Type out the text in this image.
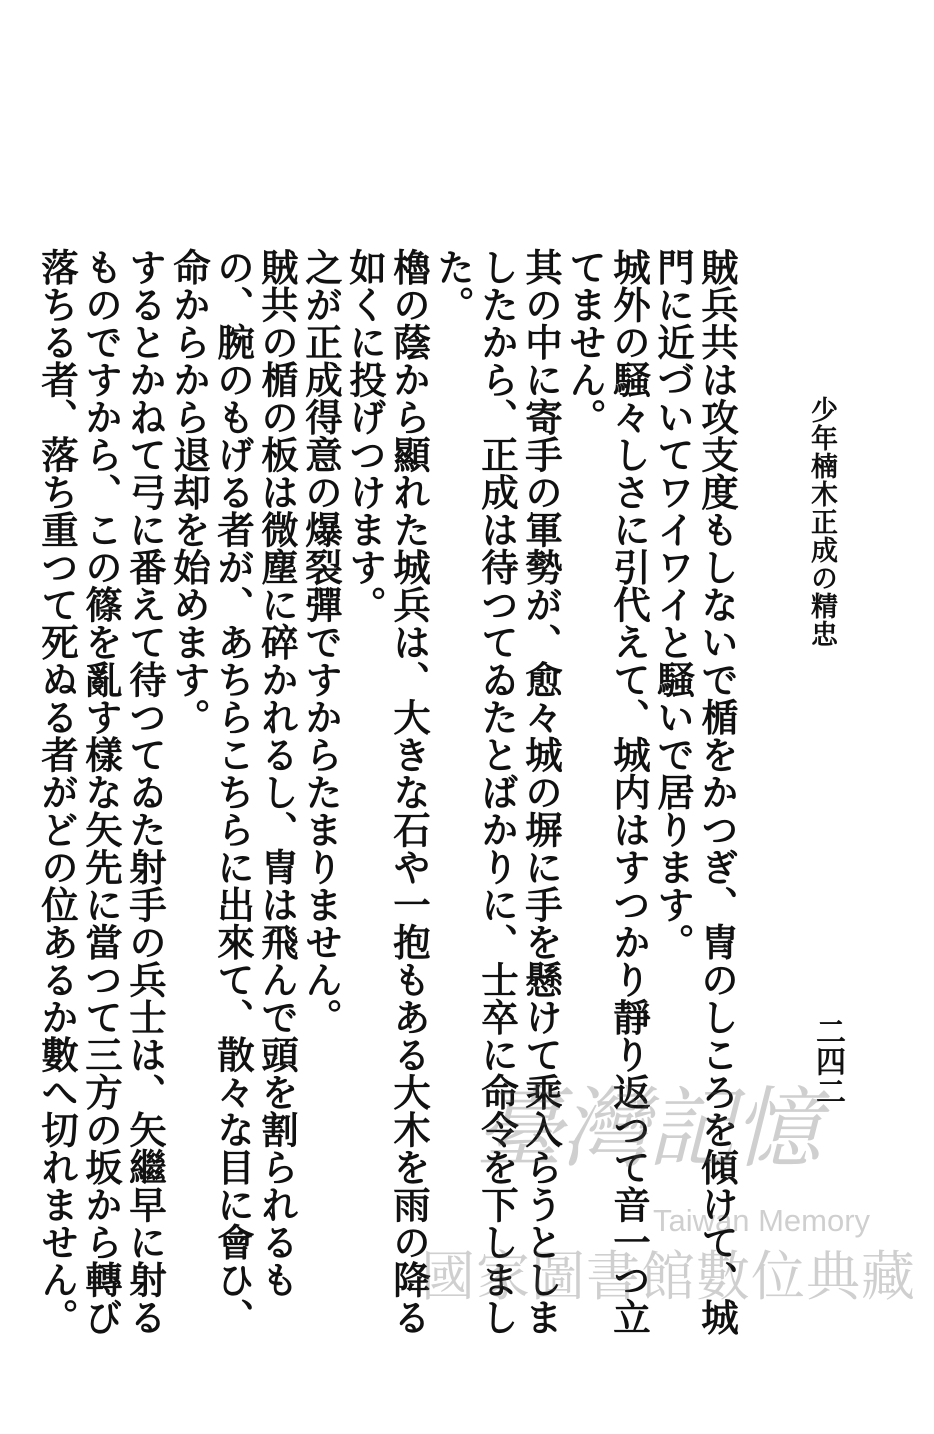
少年楠木正成の精忠
二四二

賊兵共は攻支度もしないで楯をかつぎ、冑のしころを傾けて、城門に近づいてワイワイと騒いで居ります。

城外の騒々しさに引代えて、城内はすつかり靜り返つて音一つ立てません。

其の中に寄手の軍勢が、愈々城の塀に手を懸けて乘入らうとしましたから、正成は待つてゐたとばかりに、士卒に命令を下しました。

櫓の蔭から顯れた城兵は、大きな石や一抱もある大木を雨の降る如くに投げつけます。

之が正成得意の爆裂彈ですからたまりません。

賊共の楯の板は微塵に碎かれるし、冑は飛んで頭を割られるもの、腕のもげる者が、あちらこちらに出來て、散々な目に會ひ、命からから退却を始めます。

するとかねて弓に番えて待つてゐた射手の兵士は、矢繼早に射るものですから、この篠を亂す樣な矢先に當つて三方の坂から轉び落ちる者、落ち重つて死ぬる者がどの位あるか數へ切れません。	臺灣記憶
Taiwan Memory
國家圖書館數位典藏
